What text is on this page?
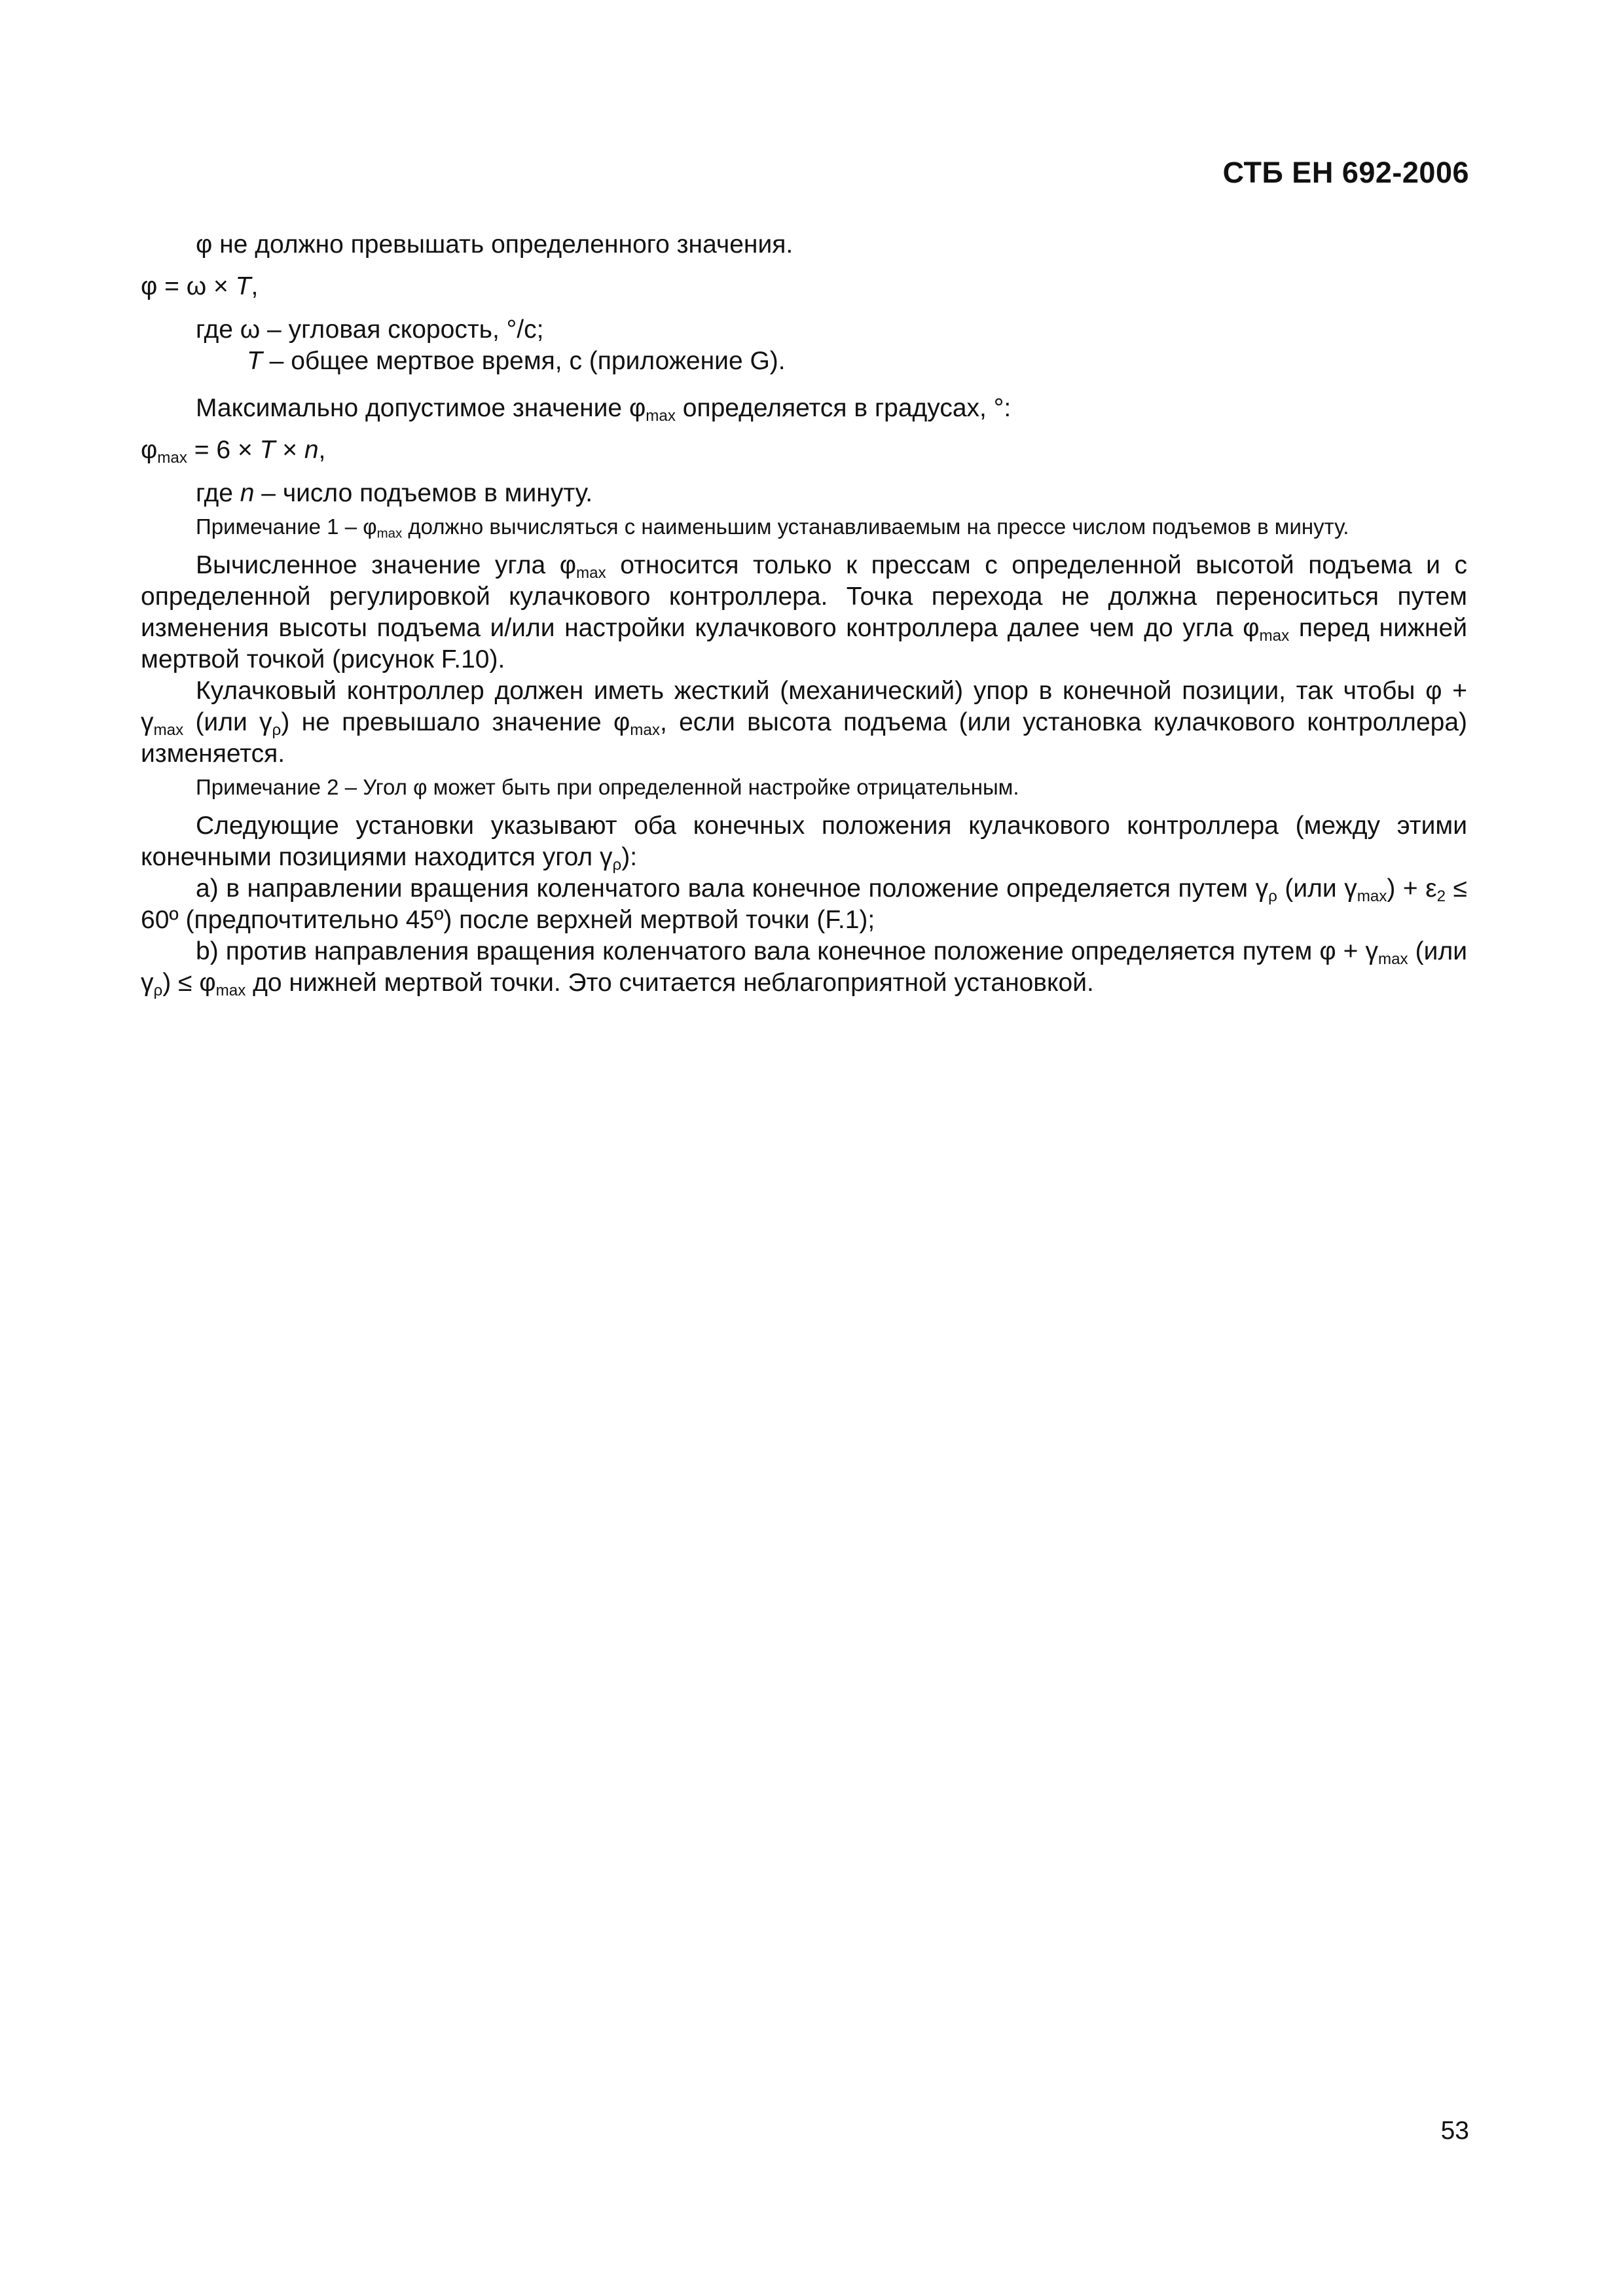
СТБ ЕН 692-2006

φ не должно превышать определенного значения.

φ = ω × T,

где ω – угловая скорость, °/с;

T – общее мертвое время, с (приложение G).

Максимально допустимое значение $\varphi_{max}$ определяется в градусах, °:

$\varphi_{max} = 6 \times T \times n$,

где n – число подъемов в минуту.

Примечание $1 - \varphi_{max}$ должно вычисляться с наименьшим устанавливаемым на прессе числом подъемов в минуту.

Вычисленное значение угла $\varphi_{max}$ относится только к прессам с определенной высотой подъема и с определенной регулировкой кулачкового контроллера. Точка перехода не должна переноситься путем изменения высоты подъема и/или настройки кулачкового контроллера далее чем до угла $\varphi_{max}$ перед нижней мертвой точкой (рисунок F.10).

Кулачковый контроллер должен иметь жесткий (механический) упор в конечной позиции, так чтобы $\varphi + \gamma_{max}$ (или $\gamma_\rho$) не превышало значение $\varphi_{max}$, если высота подъема (или установка кулачкового контроллера) изменяется.

Примечание 2 – Угол φ может быть при определенной настройке отрицательным.

Следующие установки указывают оба конечных положения кулачкового контроллера (между этими конечными позициями находится угол $\gamma_\rho$):

a) в направлении вращения коленчатого вала конечное положение определяется путем $\gamma_\rho$ (или $\gamma_{max}) + \varepsilon_2$ ≤ 60º (предпочтительно 45º) после верхней мертвой точки (F.1);

b) против направления вращения коленчатого вала конечное положение определяется путем $\varphi + \gamma_{max}$ (или $\gamma_\rho) \le \varphi_{max}$ до нижней мертвой точки. Это считается неблагоприятной установкой.

53
